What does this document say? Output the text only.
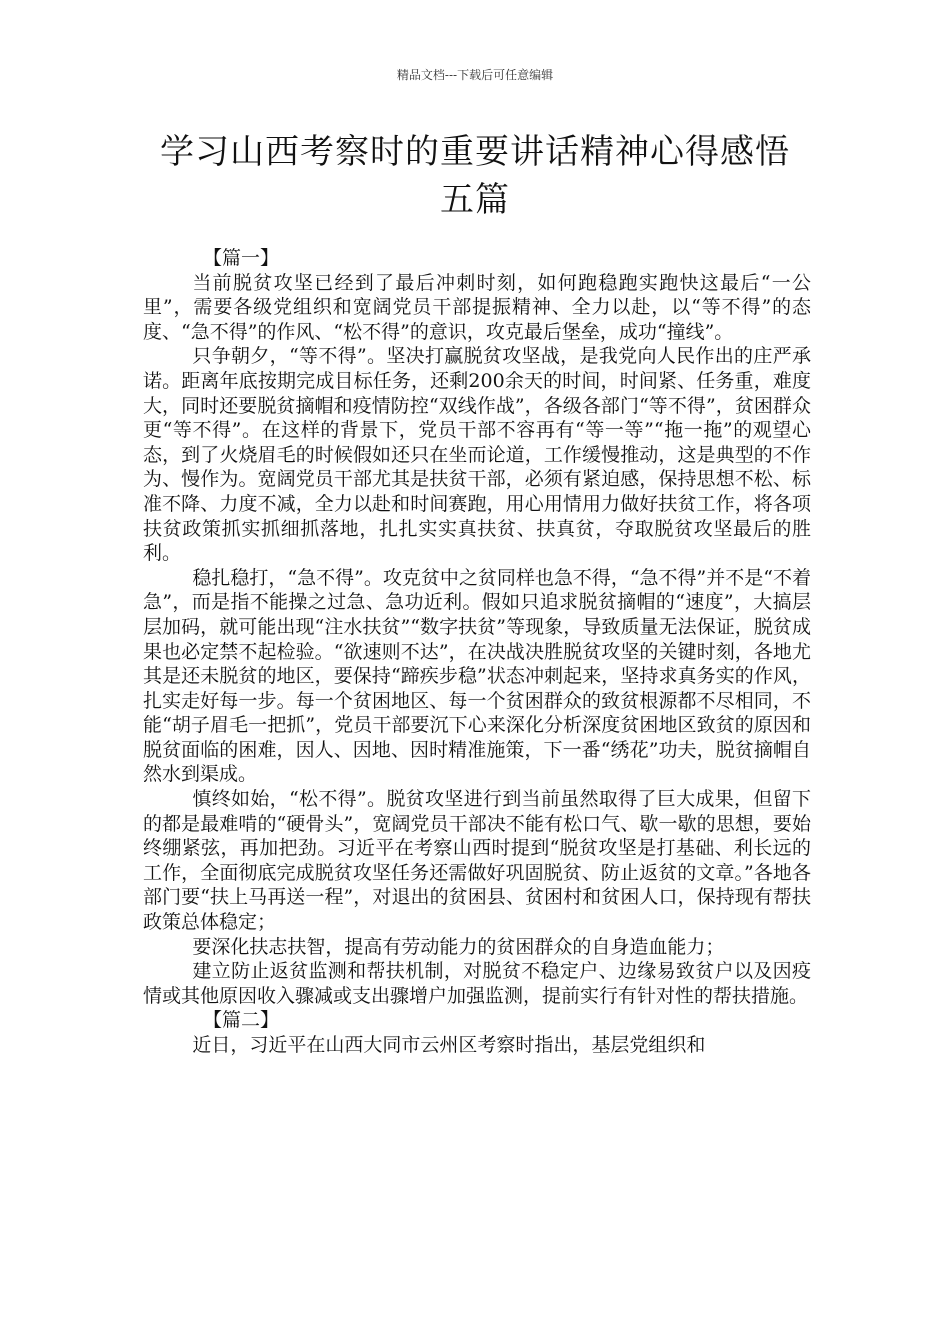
精品文档---下载后可任意编辑
学习山西考察时的重要讲话精神心得感悟
五篇
【篇一】

当前脱贫攻坚已经到了最后冲刺时刻，如何跑稳跑实跑快这最后“一公里”，需要各级党组织和宽阔党员干部提振精神、全力以赴，以“等不得”的态度、“急不得”的作风、“松不得”的意识，攻克最后堡垒，成功“撞线”。

只争朝夕，“等不得”。坚决打赢脱贫攻坚战，是我党向人民作出的庄严承诺。距离年底按期完成目标任务，还剩200余天的时间，时间紧、任务重，难度大，同时还要脱贫摘帽和疫情防控“双线作战”，各级各部门“等不得”，贫困群众更“等不得”。在这样的背景下，党员干部不容再有“等一等”“拖一拖”的观望心态，到了火烧眉毛的时候假如还只在坐而论道，工作缓慢推动，这是典型的不作为、慢作为。宽阔党员干部尤其是扶贫干部，必须有紧迫感，保持思想不松、标准不降、力度不减，全力以赴和时间赛跑，用心用情用力做好扶贫工作，将各项扶贫政策抓实抓细抓落地，扎扎实实真扶贫、扶真贫，夺取脱贫攻坚最后的胜利。

稳扎稳打，“急不得”。攻克贫中之贫同样也急不得，“急不得”并不是“不着急”，而是指不能操之过急、急功近利。假如只追求脱贫摘帽的“速度”，大搞层层加码，就可能出现“注水扶贫”“数字扶贫”等现象，导致质量无法保证，脱贫成果也必定禁不起检验。“欲速则不达”，在决战决胜脱贫攻坚的关键时刻，各地尤其是还未脱贫的地区，要保持“蹄疾步稳”状态冲刺起来，坚持求真务实的作风，扎实走好每一步。每一个贫困地区、每一个贫困群众的致贫根源都不尽相同，不能“胡子眉毛一把抓”，党员干部要沉下心来深化分析深度贫困地区致贫的原因和脱贫面临的困难，因人、因地、因时精准施策，下一番“绣花”功夫，脱贫摘帽自然水到渠成。

慎终如始，“松不得”。脱贫攻坚进行到当前虽然取得了巨大成果，但留下的都是最难啃的“硬骨头”，宽阔党员干部决不能有松口气、歇一歇的思想，要始终绷紧弦，再加把劲。习近平在考察山西时提到“脱贫攻坚是打基础、利长远的工作，全面彻底完成脱贫攻坚任务还需做好巩固脱贫、防止返贫的文章。”各地各部门要“扶上马再送一程”，对退出的贫困县、贫困村和贫困人口，保持现有帮扶政策总体稳定；

要深化扶志扶智，提高有劳动能力的贫困群众的自身造血能力；

建立防止返贫监测和帮扶机制，对脱贫不稳定户、边缘易致贫户以及因疫情或其他原因收入骤减或支出骤增户加强监测，提前实行有针对性的帮扶措施。

【篇二】

近日，习近平在山西大同市云州区考察时指出，基层党组织和
